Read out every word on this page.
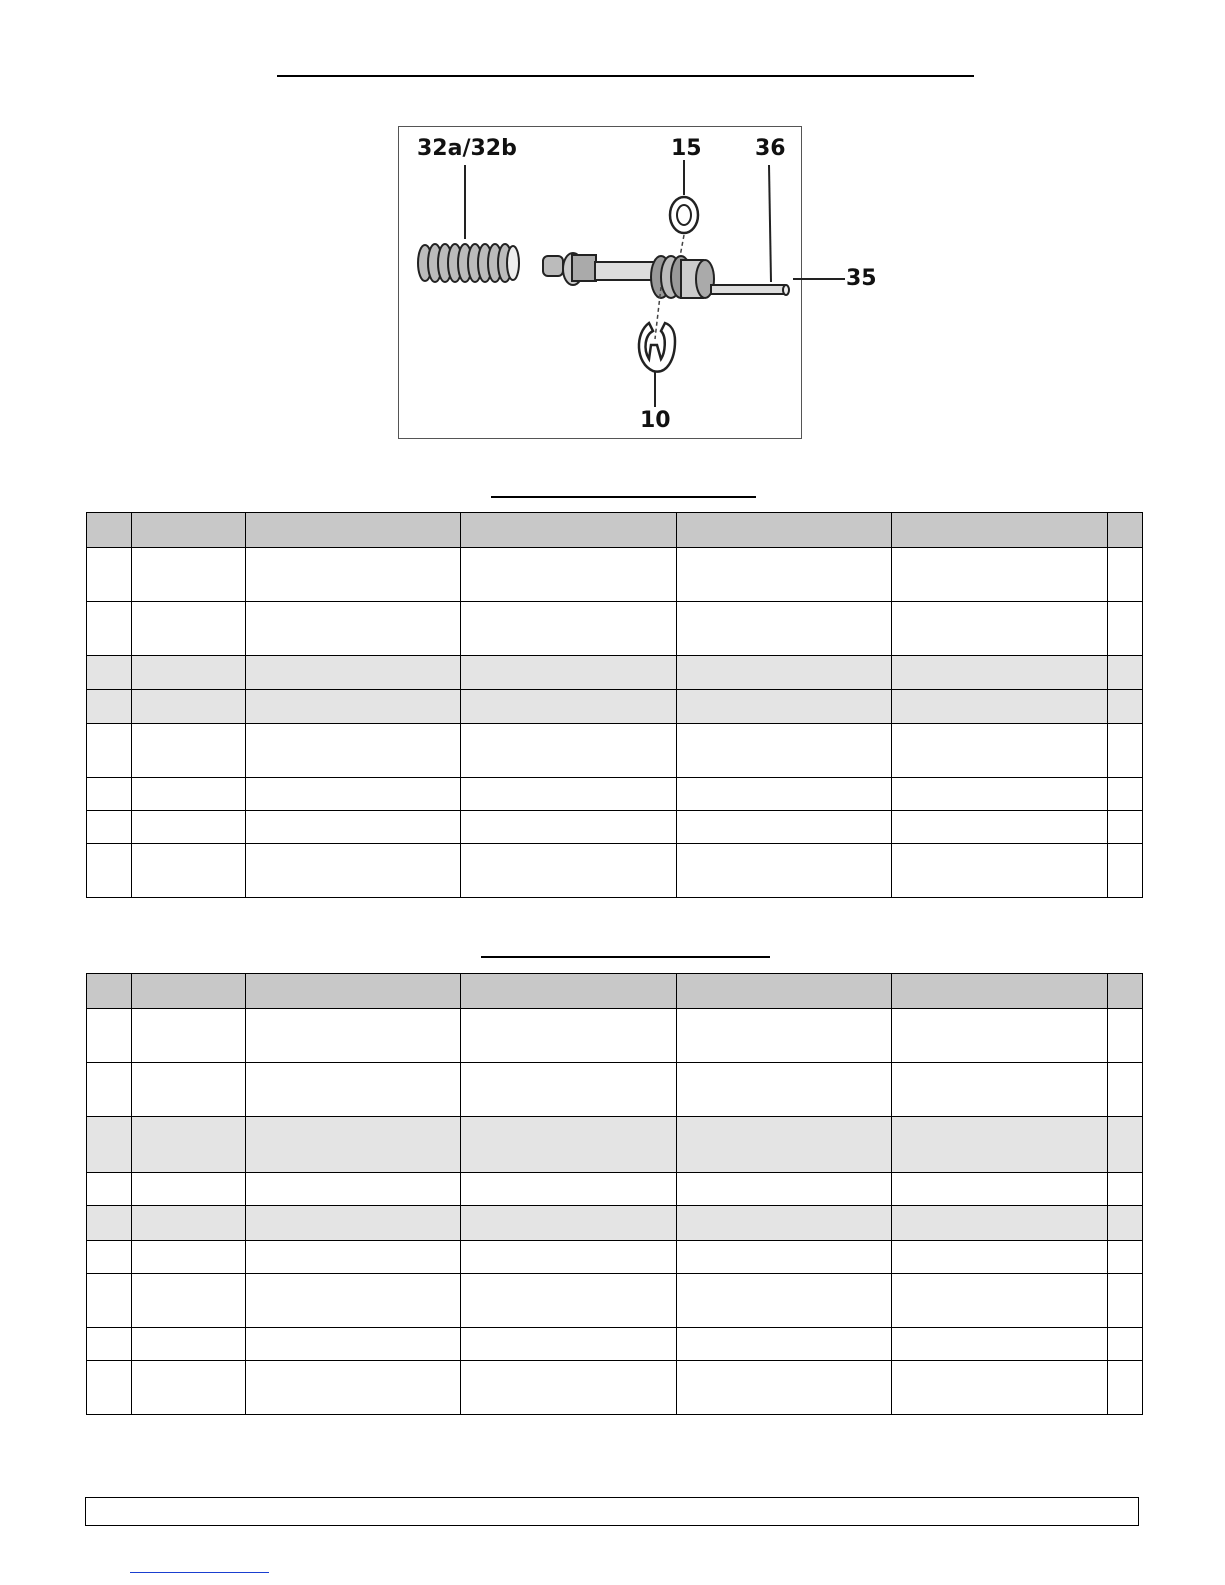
32a/32b	15 36
35
10
